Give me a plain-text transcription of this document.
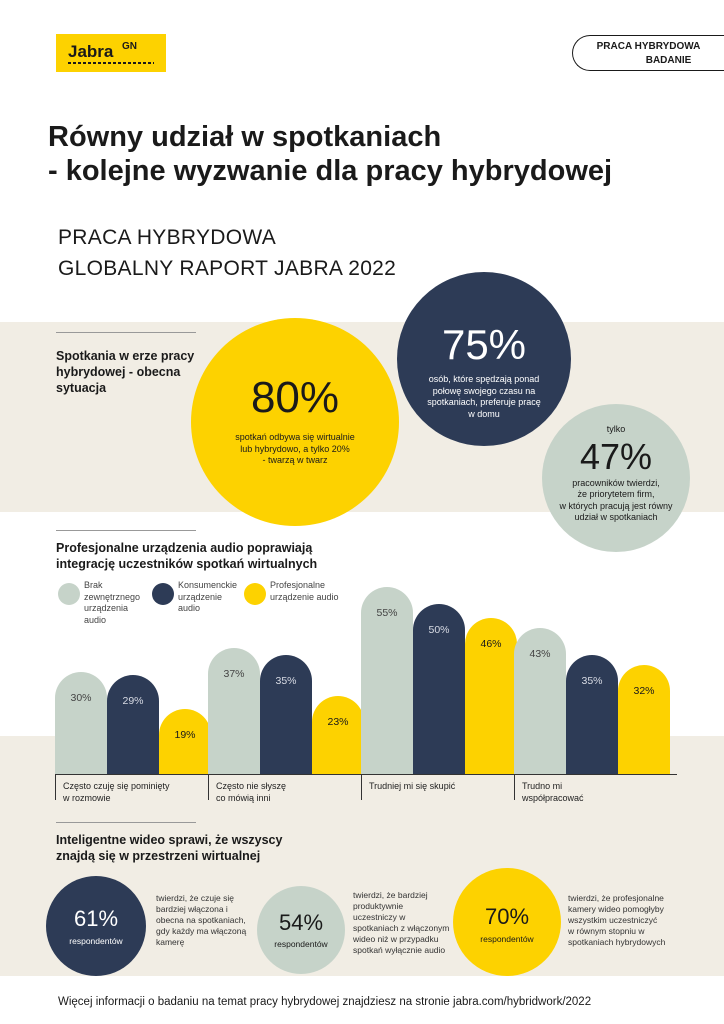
Jabra GN	PRACA HYBRYDOWA
BADANIE
Równy udział w spotkaniach
- kolejne wyzwanie dla pracy hybrydowej
PRACA HYBRYDOWA
GLOBALNY RAPORT JABRA 2022
Spotkania w erze pracy
hybrydowej - obecna
sytuacja	80%
spotkań odbywa się wirtualnie
lub hybrydowo, a tylko 20%
- twarzą w twarz
75%
osób, które spędzają ponad
połowę swojego czasu na
spotkaniach, preferuje pracę
w domu
tylko
47%
pracowników twierdzi,
że priorytetem firm,
w których pracują jest równy
udział w spotkaniach
Profesjonalne urządzenia audio poprawiają
integrację uczestników spotkań wirtualnych
Brak
zewnętrznego
urządzenia
audio
Konsumenckie
urządzenie
audio
Profesjonalne
urządzenie audio
30%	29%
19%
Często czuję się pominięty
w rozmowie
37%
35%
23%
Często nie słyszę
co mówią inni
55%
50%
46%
Trudniej mi się skupić
43%
35%
32%
Trudno mi
współpracować
Inteligentne wideo sprawi, że wszyscy
znajdą się w przestrzeni wirtualnej
61%
respondentów
twierdzi, że czuje się
bardziej włączona i
obecna na spotkaniach,
gdy każdy ma włączoną
kamerę
54%
respondentów
twierdzi, że bardziej
produktywnie
uczestniczy w
spotkaniach z włączonym
wideo niż w przypadku
spotkań wyłącznie audio
70%
respondentów
twierdzi, że profesjonalne
kamery wideo pomogłyby
wszystkim uczestniczyć
w równym stopniu w
spotkaniach hybrydowych
Więcej informacji o badaniu na temat pracy hybrydowej znajdziesz na stronie jabra.com/hybridwork/2022
